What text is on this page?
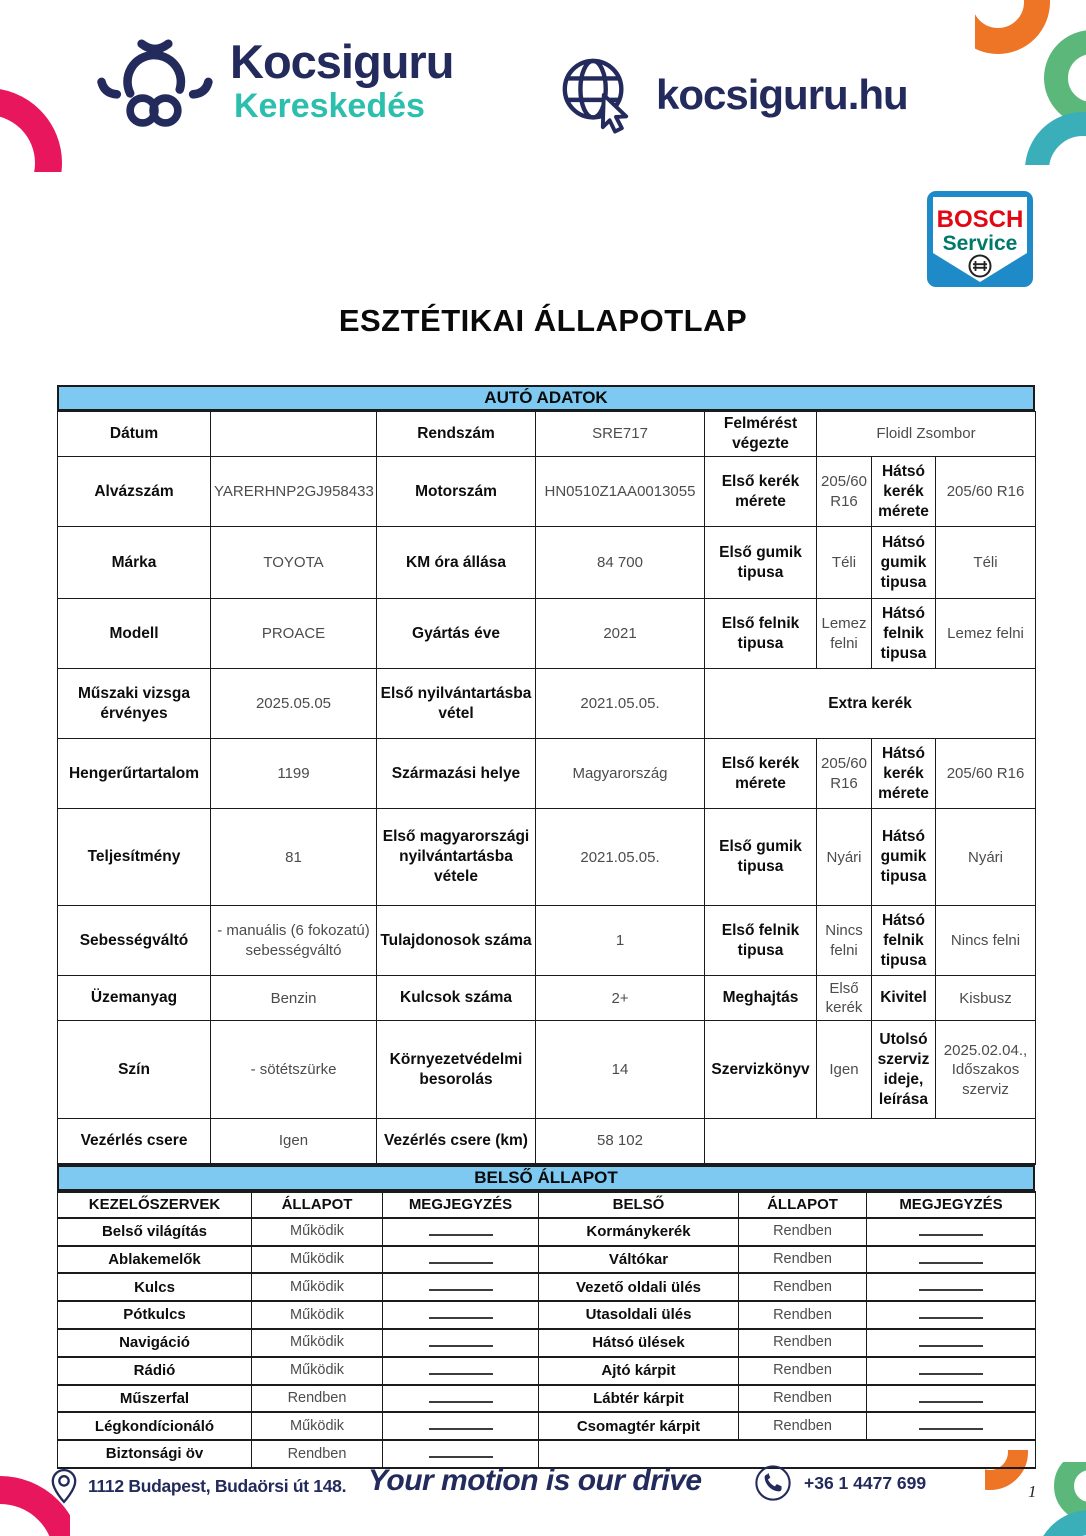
Kocsiguru
Kereskedés	kocsiguru.hu
BOSCH
Service
ESZTÉTIKAI ÁLLAPOTLAP
AUTÓ ADATOK
Dátum		Rendszám	SRE717	Felmérést végezte	Floidl Zsombor		
Alvázszám	YARERHNP2GJ958433	Motorszám	HN0510Z1AA0013055	Első kerék mérete	205/60 R16	Hátsó kerék mérete	205/60 R16
Márka	TOYOTA	KM óra állása	84 700	Első gumik tipusa	Téli	Hátsó gumik tipusa	Téli
Modell	PROACE	Gyártás éve	2021	Első felnik tipusa	Lemez felni	Hátsó felnik tipusa	Lemez felni
Műszaki vizsga érvényes	2025.05.05	Első nyilvántartásba vétel	2021.05.05.	Extra kerék			
Hengerűrtartalom	1199	Származási helye	Magyarország	Első kerék mérete	205/60 R16	Hátsó kerék mérete	205/60 R16
Teljesítmény	81	Első magyarországi nyilvántartásba vétele	2021.05.05.	Első gumik tipusa	Nyári	Hátsó gumik tipusa	Nyári
Sebességváltó	- manuális (6 fokozatú) sebességváltó	Tulajdonosok száma	1	Első felnik tipusa	Nincs felni	Hátsó felnik tipusa	Nincs felni
Üzemanyag	Benzin	Kulcsok száma	2+	Meghajtás	Első kerék	Kivitel	Kisbusz
Szín	- sötétszürke	Környezetvédelmi besorolás	14	Szervizkönyv	Igen	Utolsó szerviz ideje, leírása	2025.02.04., Időszakos szerviz
Vezérlés csere	Igen	Vezérlés csere (km)	58 102				
BELSŐ ÁLLAPOT
KEZELŐSZERVEK	ÁLLAPOT	MEGJEGYZÉS	BELSŐ	ÁLLAPOT	MEGJEGYZÉS
Belső világítás	Működik		Kormánykerék	Rendben	
Ablakemelők	Működik		Váltókar	Rendben	
Kulcs	Működik		Vezető oldali ülés	Rendben	
Pótkulcs	Működik		Utasoldali ülés	Rendben	
Navigáció	Működik		Hátsó ülések	Rendben	
Rádió	Működik		Ajtó kárpit	Rendben	
Műszerfal	Rendben		Lábtér kárpit	Rendben	
Légkondícionáló	Működik		Csomagtér kárpit	Rendben	
Biztonsági öv	Rendben				
1112 Budapest, Budaörsi út 148. Your motion is our drive	+36 1 4477 699	1
